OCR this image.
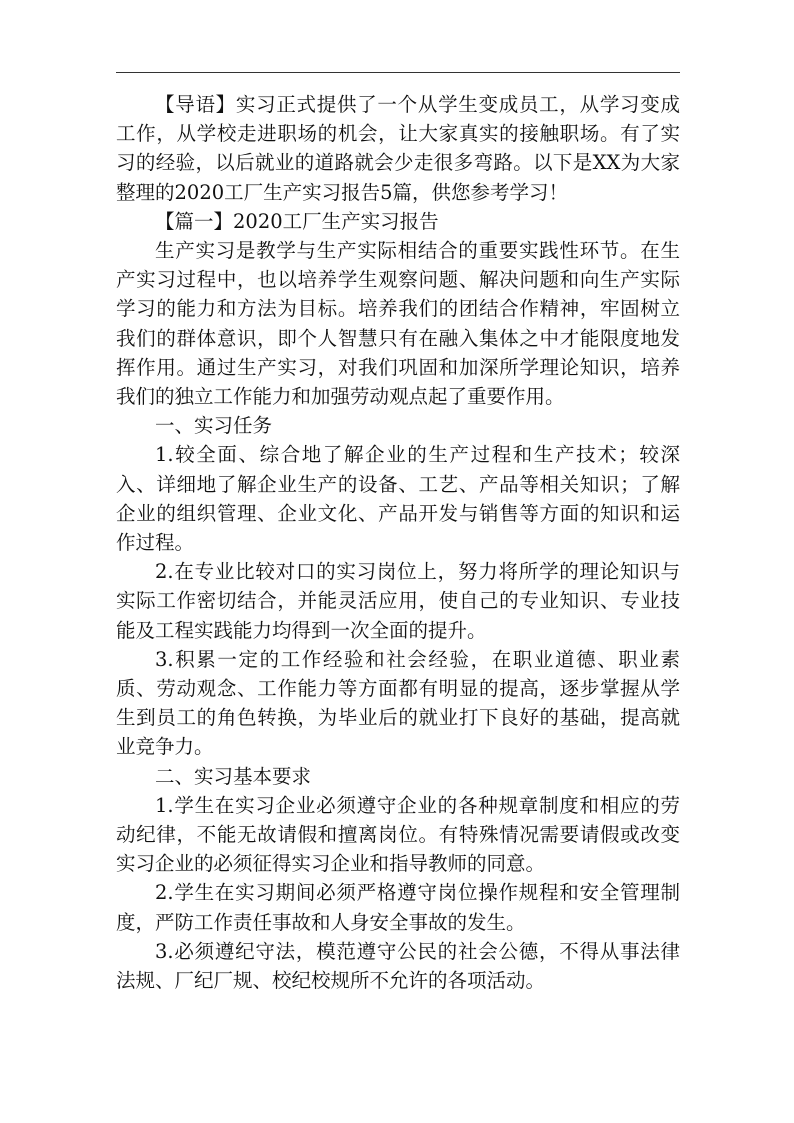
【导语】实习正式提供了一个从学生变成员工，从学习变成工作，从学校走进职场的机会，让大家真实的接触职场。有了实习的经验，以后就业的道路就会少走很多弯路。以下是XX为大家整理的2020工厂生产实习报告5篇，供您参考学习！

【篇一】2020工厂生产实习报告

生产实习是教学与生产实际相结合的重要实践性环节。在生产实习过程中，也以培养学生观察问题、解决问题和向生产实际学习的能力和方法为目标。培养我们的团结合作精神，牢固树立我们的群体意识，即个人智慧只有在融入集体之中才能限度地发挥作用。通过生产实习，对我们巩固和加深所学理论知识，培养我们的独立工作能力和加强劳动观点起了重要作用。

一、实习任务

1.较全面、综合地了解企业的生产过程和生产技术；较深入、详细地了解企业生产的设备、工艺、产品等相关知识；了解企业的组织管理、企业文化、产品开发与销售等方面的知识和运作过程。

2.在专业比较对口的实习岗位上，努力将所学的理论知识与实际工作密切结合，并能灵活应用，使自己的专业知识、专业技能及工程实践能力均得到一次全面的提升。

3.积累一定的工作经验和社会经验，在职业道德、职业素质、劳动观念、工作能力等方面都有明显的提高，逐步掌握从学生到员工的角色转换，为毕业后的就业打下良好的基础，提高就业竞争力。

二、实习基本要求

1.学生在实习企业必须遵守企业的各种规章制度和相应的劳动纪律，不能无故请假和擅离岗位。有特殊情况需要请假或改变实习企业的必须征得实习企业和指导教师的同意。

2.学生在实习期间必须严格遵守岗位操作规程和安全管理制度，严防工作责任事故和人身安全事故的发生。

3.必须遵纪守法，模范遵守公民的社会公德，不得从事法律法规、厂纪厂规、校纪校规所不允许的各项活动。
